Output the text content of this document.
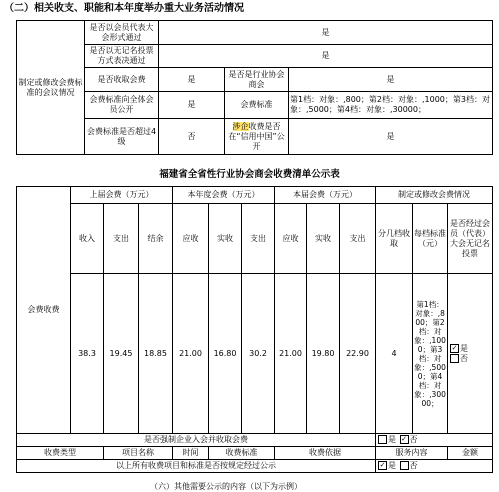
（二）相关收支、职能和本年度举办重大业务活动情况
制定或修改会费标准的会议情况	是否以会员代表大会形式通过	是		
	是否以无记名投票方式表决通过	是		
	是否收取会费	是	是否是行业协会商会	是
	会费标准向全体会员公开	是	会费标准	第1档：对象：,800；第2档：对象：,1000；第3档：对象：,5000；第4档：对象：,30000；
	会费标准是否超过4级	否	涉企收费是否在“信用中国”公开	是
福建省全省性行业协会商会收费清单公示表
会费收费	上届会费（万元）			本年度会费（万元）			本届会费（万元）			制定或修改会费情况		
	收入	支出	结余	应收	实收	支出	应收	实收	支出	分几档收取	每档标准（元）	是否经过会员（代表）大会无记名投票
	38.3	19.45	18.85	21.00	16.80	30.2	21.00	19.80	22.90	4	第1档：对象：,800；第2档：对象：,1000；第3档：对象：,5000；第4档：对象：,30000；	✓ 是
否

是否强制企业入会并收取会费										是 ✓ 否		
收费类型		项目名称		时间	收费标准		收费依据			服务内容		金额
以上所有收费项目和标准是否按规定经过公示										✓ 是 否		
（六）其他需要公示的内容（以下为示例）
